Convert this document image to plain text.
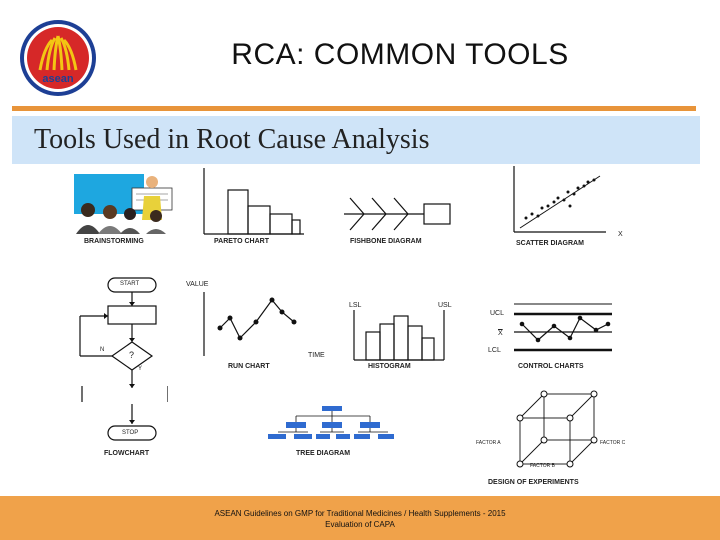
asean
RCA: COMMON TOOLS
Tools Used in Root Cause Analysis
BRAINSTORMING	PARETO CHART	FISHBONE DIAGRAM
X
SCATTER DIAGRAM
START
?
N
Y
STOP
FLOWCHART
VALUE
TIME
RUN CHART
LSL	USL
HISTOGRAM
UCL
$\overline{X}$
LCL
CONTROL CHARTS
TREE DIAGRAM
FACTOR A
FACTOR B
FACTOR C
DESIGN OF EXPERIMENTS
ASEAN Guidelines on GMP for Traditional Medicines / Health Supplements - 2015
Evaluation of CAPA
